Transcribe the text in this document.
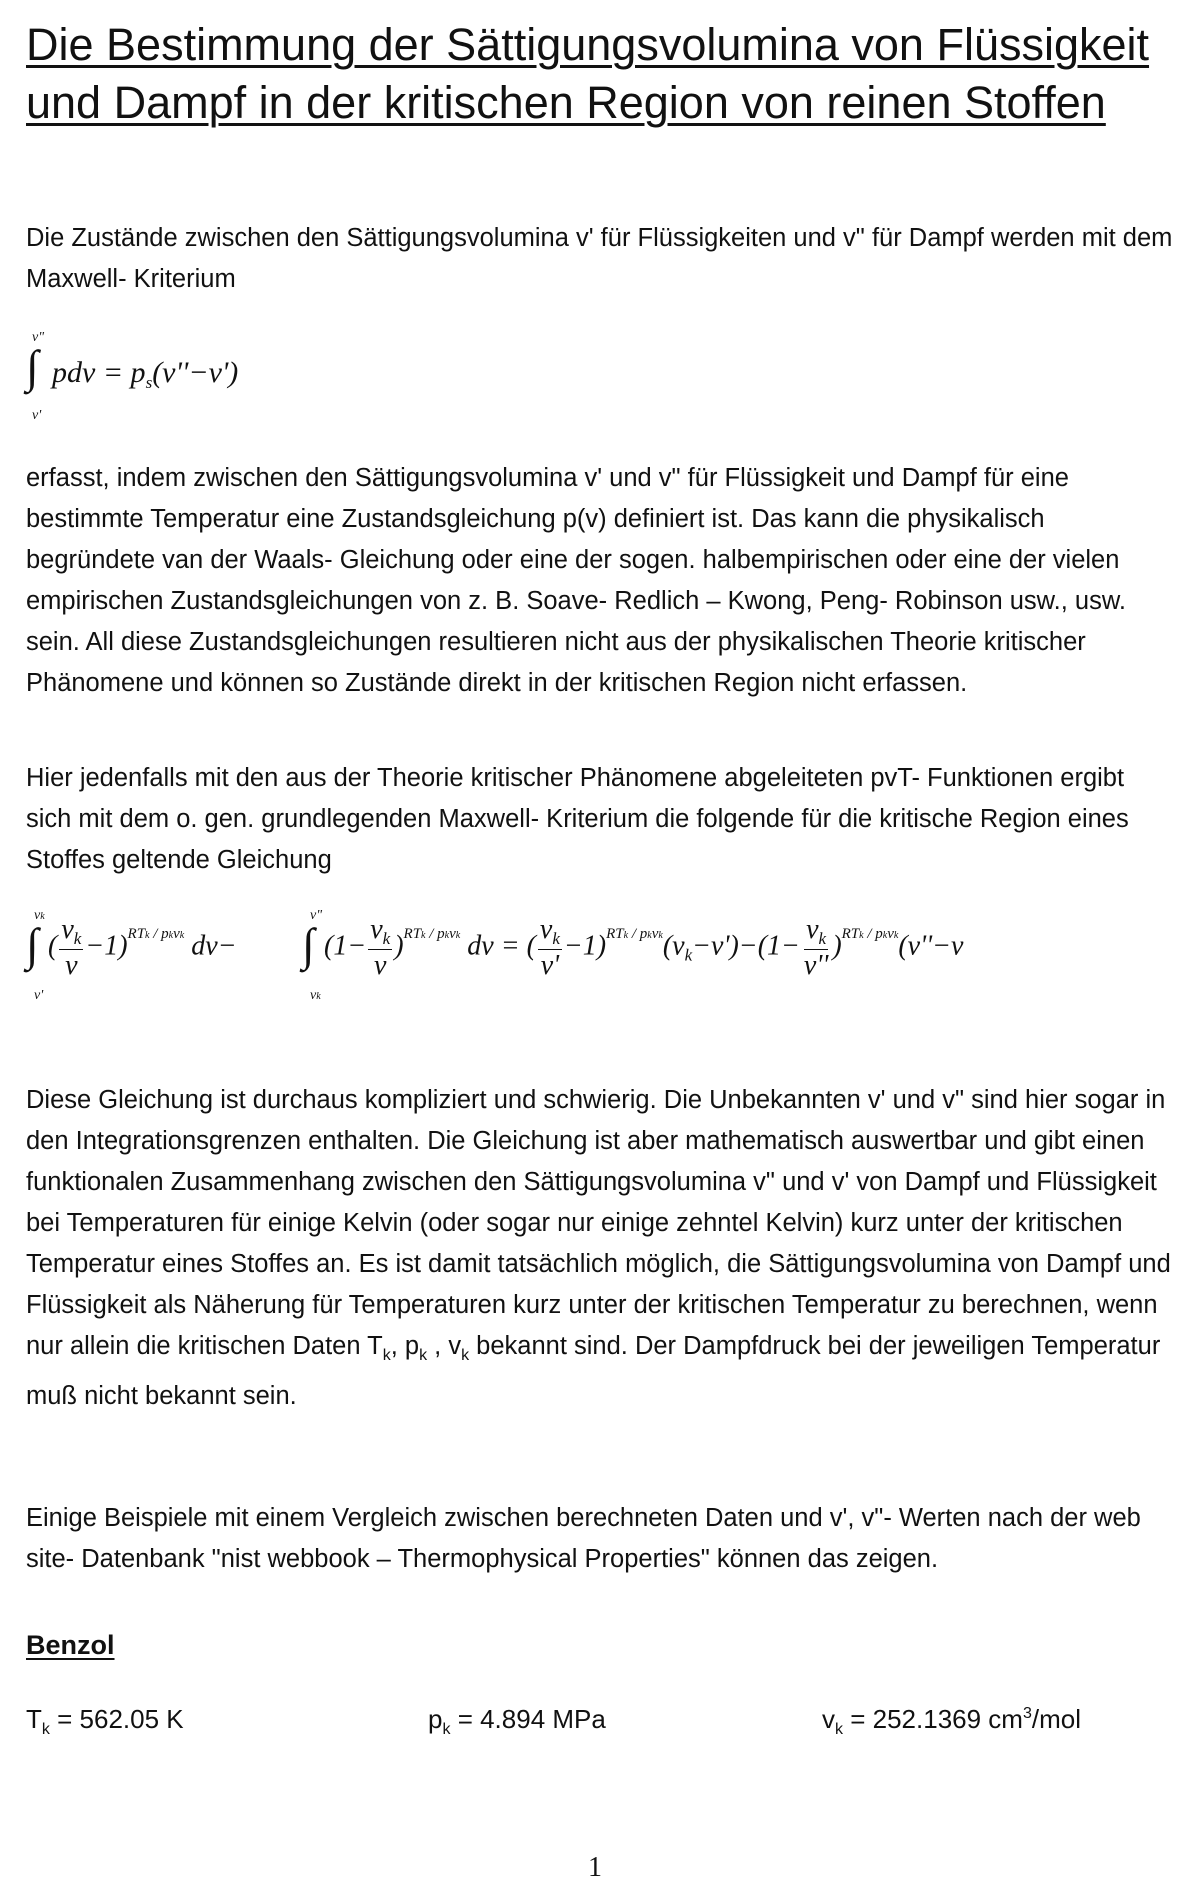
Die Bestimmung der Sättigungsvolumina von Flüssigkeit und Dampf in der kritischen Region von reinen Stoffen

Die Zustände zwischen den Sättigungsvolumina v' für Flüssigkeiten und v" für Dampf werden mit dem Maxwell- Kriterium

v"
∫
v'
pdv = $p_s(v''-v')$

erfasst, indem zwischen den Sättigungsvolumina v' und v" für Flüssigkeit und Dampf für eine bestimmte Temperatur eine Zustandsgleichung p(v) definiert ist. Das kann die physikalisch begründete van der Waals- Gleichung oder eine der sogen. halbempirischen oder eine der vielen empirischen Zustandsgleichungen von z. B. Soave- Redlich – Kwong, Peng- Robinson usw., usw. sein. All diese Zustandsgleichungen resultieren nicht aus der physikalischen Theorie kritischer Phänomene und können so Zustände direkt in der kritischen Region nicht erfassen.

Hier jedenfalls mit den aus der Theorie kritischer Phänomene abgeleiteten pvT- Funktionen ergibt sich mit dem o. gen. grundlegenden Maxwell- Kriterium die folgende für die kritische Region eines Stoffes geltende Gleichung

vk
∫
v'
( $\frac{v_k}{v} -1)^{RTk / pkvk}$ dv−
v"
∫
vk
$(1- \frac{v_k}{v} )^{RTk / pkvk}$ dv = ( $\frac{v_k}{v'} -1)^{RTk / pkvk}(v_k-v')-(1- \frac{v_k}{v''} )^{RTk / pkvk}(v''-v$
Diese Gleichung ist durchaus kompliziert und schwierig. Die Unbekannten v' und v" sind hier sogar in den Integrationsgrenzen enthalten. Die Gleichung ist aber mathematisch auswertbar und gibt einen funktionalen Zusammenhang zwischen den Sättigungsvolumina v" und v' von Dampf und Flüssigkeit bei Temperaturen für einige Kelvin (oder sogar nur einige zehntel Kelvin) kurz unter der kritischen Temperatur eines Stoffes an. Es ist damit tatsächlich möglich, die Sättigungsvolumina von Dampf und Flüssigkeit als Näherung für Temperaturen kurz unter der kritischen Temperatur zu berechnen, wenn nur allein die kritischen Daten $T_k$, $p_k$ , $v_k$ bekannt sind. Der Dampfdruck bei der jeweiligen Temperatur muß nicht bekannt sein.

Einige Beispiele mit einem Vergleich zwischen berechneten Daten und v', v"- Werten nach der web site- Datenbank "nist webbook – Thermophysical Properties" können das zeigen.

Benzol
$T_k = 562.05$ K	$p_k = 4.894$ MPa	$v_k = 252.1369$ $cm^3$/mol
1
